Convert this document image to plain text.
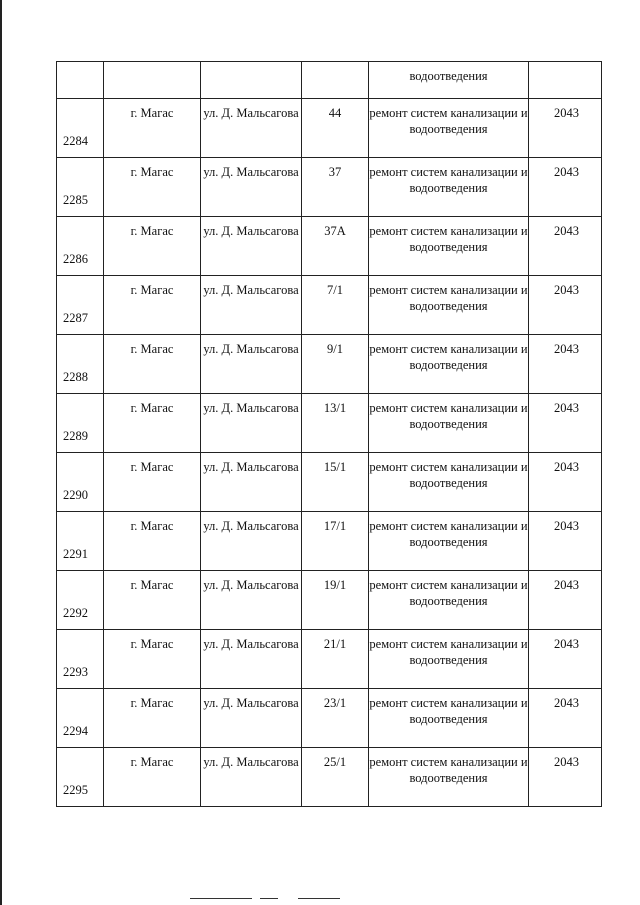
				водоотведения	

2284	г. Магас	ул. Д. Мальсагова	44	ремонт систем канализации и водоотведения	2043

2285	г. Магас	ул. Д. Мальсагова	37	ремонт систем канализации и водоотведения	2043

2286	г. Магас	ул. Д. Мальсагова	37А	ремонт систем канализации и водоотведения	2043

2287	г. Магас	ул. Д. Мальсагова	7/1	ремонт систем канализации и водоотведения	2043

2288	г. Магас	ул. Д. Мальсагова	9/1	ремонт систем канализации и водоотведения	2043

2289	г. Магас	ул. Д. Мальсагова	13/1	ремонт систем канализации и водоотведения	2043

2290	г. Магас	ул. Д. Мальсагова	15/1	ремонт систем канализации и водоотведения	2043

2291	г. Магас	ул. Д. Мальсагова	17/1	ремонт систем канализации и водоотведения	2043

2292	г. Магас	ул. Д. Мальсагова	19/1	ремонт систем канализации и водоотведения	2043

2293	г. Магас	ул. Д. Мальсагова	21/1	ремонт систем канализации и водоотведения	2043

2294	г. Магас	ул. Д. Мальсагова	23/1	ремонт систем канализации и водоотведения	2043

2295	г. Магас	ул. Д. Мальсагова	25/1	ремонт систем канализации и водоотведения	2043
